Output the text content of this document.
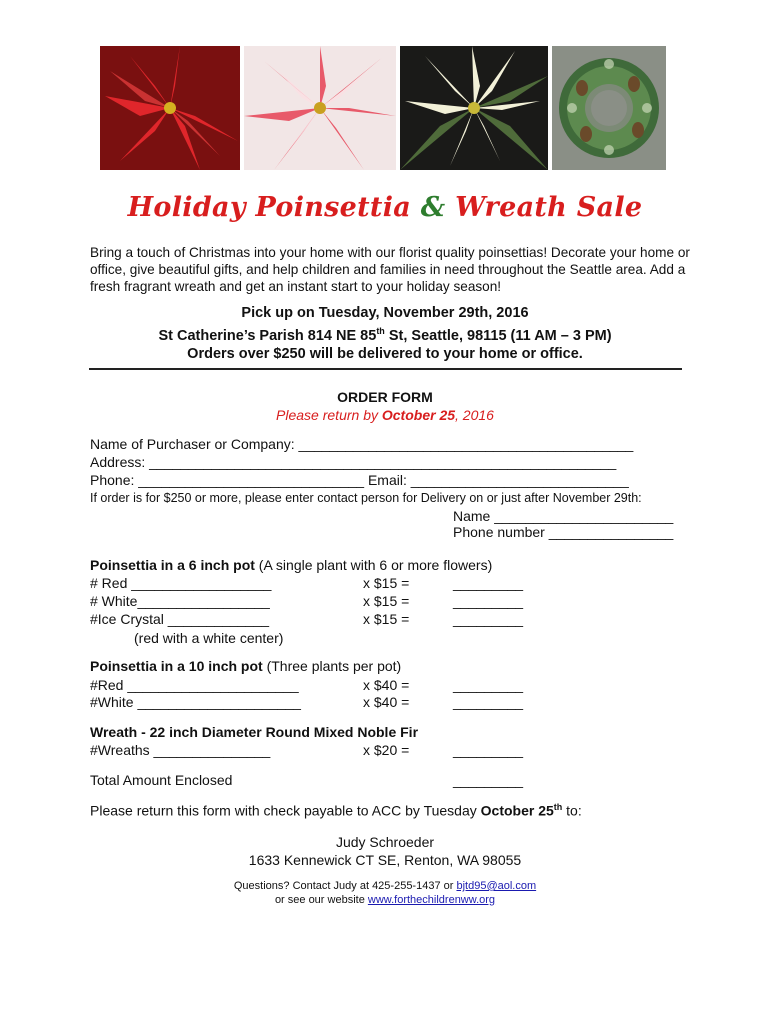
Holiday Poinsettia & Wreath Sale
Bring a touch of Christmas into your home with our florist quality poinsettias! Decorate your home or office, give beautiful gifts, and help children and families in need throughout the Seattle area. Add a fresh fragrant wreath and get an instant start to your holiday season!
Pick up on Tuesday, November 29th, 2016
St Catherine’s Parish 814 NE 85th St, Seattle, 98115 (11 AM – 3 PM)
Orders over $250 will be delivered to your home or office.
ORDER FORM
Please return by October 25, 2016
Name of Purchaser or Company: ___________________________________________
Address: ____________________________________________________________
Phone: _____________________________ Email: ____________________________
If order is for $250 or more, please enter contact person for Delivery on or just after November 29th:
Name _______________________
Phone number ________________
Poinsettia in a 6 inch pot (A single plant with 6 or more flowers)
# Red __________________	x $15 =	_________
# White_________________	x $15 =	_________
#Ice Crystal _____________	x $15 =	_________
(red with a white center)
Poinsettia in a 10 inch pot (Three plants per pot)
#Red ______________________	x $40 =	_________
#White _____________________	x $40 =	_________
Wreath - 22 inch Diameter Round Mixed Noble Fir
#Wreaths _______________	x $20 =	_________
Total Amount Enclosed	_________
Please return this form with check payable to ACC by Tuesday October 25th to:
Judy Schroeder
1633 Kennewick CT SE, Renton, WA 98055
Questions? Contact Judy at 425-255-1437 or bjtd95@aol.com
or see our website www.forthechildrenww.org
